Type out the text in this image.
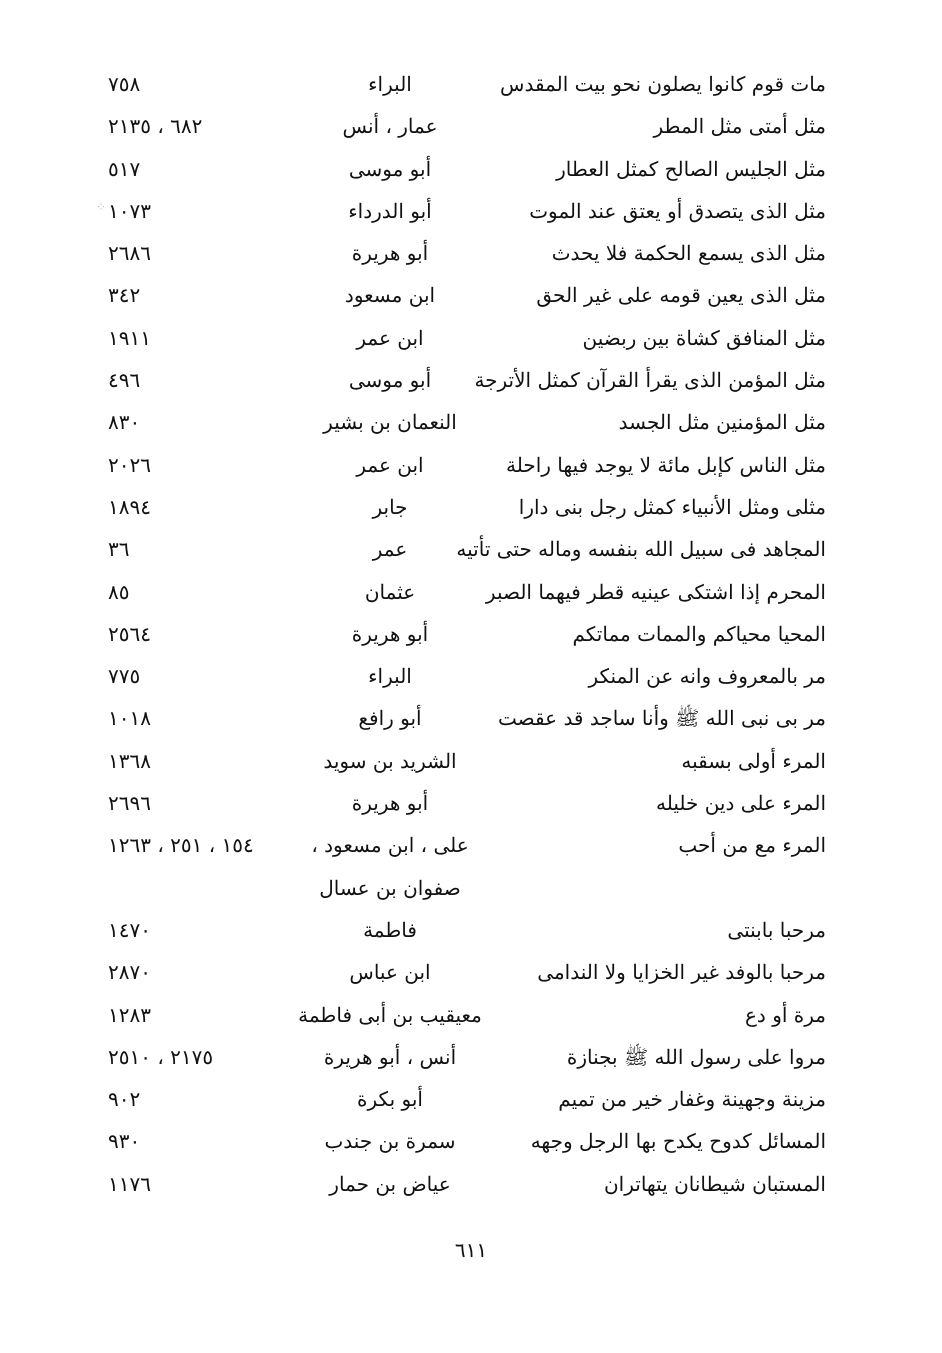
مات قوم كانوا يصلون نحو بيت المقدس
البراء
٧٥٨
مثل أمتى مثل المطر
عمار ، أنس
٦٨٢ ، ٢١٣٥
مثل الجليس الصالح كمثل العطار
أبو موسى
٥١٧
مثل الذى يتصدق أو يعتق عند الموت
أبو الدرداء
١٠٧٣
مثل الذى يسمع الحكمة فلا يحدث
أبو هريرة
٢٦٨٦
مثل الذى يعين قومه على غير الحق
ابن مسعود
٣٤٢
مثل المنافق كشاة بين ربضين
ابن عمر
١٩١١
مثل المؤمن الذى يقرأ القرآن كمثل الأترجة
أبو موسى
٤٩٦
مثل المؤمنين مثل الجسد
النعمان بن بشير
٨٣٠
مثل الناس كإبل مائة لا يوجد فيها راحلة
ابن عمر
٢٠٢٦
مثلى ومثل الأنبياء كمثل رجل بنى دارا
جابر
١٨٩٤
المجاهد فى سبيل الله بنفسه وماله حتى تأتيه
عمر
٣٦
المحرم إذا اشتكى عينيه قطر فيهما الصبر
عثمان
٨٥
المحيا محياكم والممات مماتكم
أبو هريرة
٢٥٦٤
مر بالمعروف وانه عن المنكر
البراء
٧٧٥
مر بى نبى الله ﷺ وأنا ساجد قد عقصت
أبو رافع
١٠١٨
المرء أولى بسقبه
الشريد بن سويد
١٣٦٨
المرء على دين خليله
أبو هريرة
٢٦٩٦
المرء مع من أحب
على ، ابن مسعود ،
١٥٤ ، ٢٥١ ، ١٢٦٣
صفوان بن عسال
مرحبا بابنتى
فاطمة
١٤٧٠
مرحبا بالوفد غير الخزايا ولا الندامى
ابن عباس
٢٨٧٠
مرة أو دع
معيقيب بن أبى فاطمة
١٢٨٣
مروا على رسول الله ﷺ بجنازة
أنس ، أبو هريرة
٢١٧٥ ، ٢٥١٠
مزينة وجهينة وغفار خير من تميم
أبو بكرة
٩٠٢
المسائل كدوح يكدح بها الرجل وجهه
سمرة بن جندب
٩٣٠
المستبان شيطانان يتهاتران
عياض بن حمار
١١٧٦
٦١١
⁘
